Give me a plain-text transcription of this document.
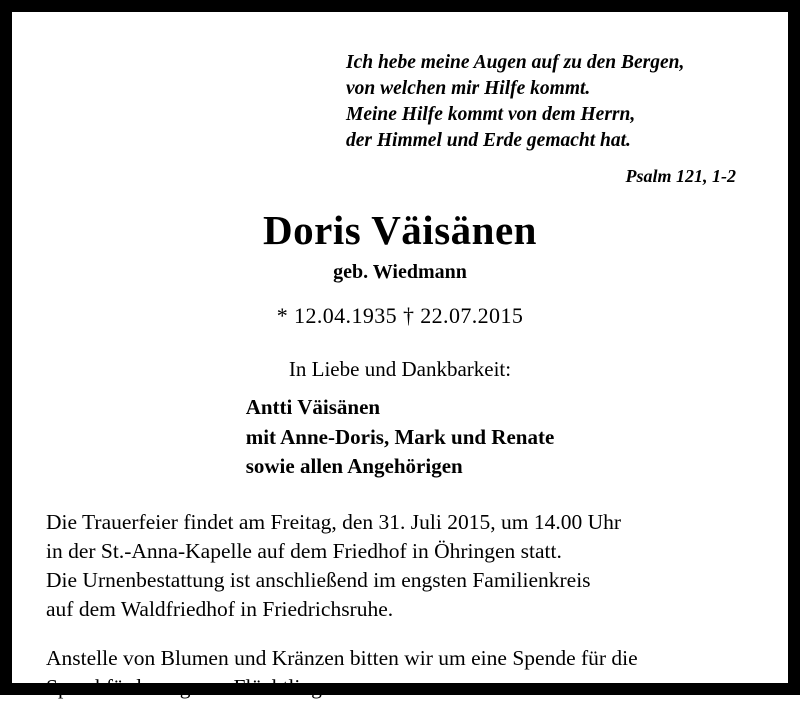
Ich hebe meine Augen auf zu den Bergen,
von welchen mir Hilfe kommt.
Meine Hilfe kommt von dem Herrn,
der Himmel und Erde gemacht hat.
Psalm 121, 1-2
Doris Väisänen
geb. Wiedmann
* 12.04.1935 † 22.07.2015
In Liebe und Dankbarkeit:
Antti Väisänen
mit Anne-Doris, Mark und Renate
sowie allen Angehörigen
Die Trauerfeier findet am Freitag, den 31. Juli 2015, um 14.00 Uhr
in der St.-Anna-Kapelle auf dem Friedhof in Öhringen statt.
Die Urnenbestattung ist anschließend im engsten Familienkreis
auf dem Waldfriedhof in Friedrichsruhe.
Anstelle von Blumen und Kränzen bitten wir um eine Spende für die
Sprachförderung von Flüchtlingen.
